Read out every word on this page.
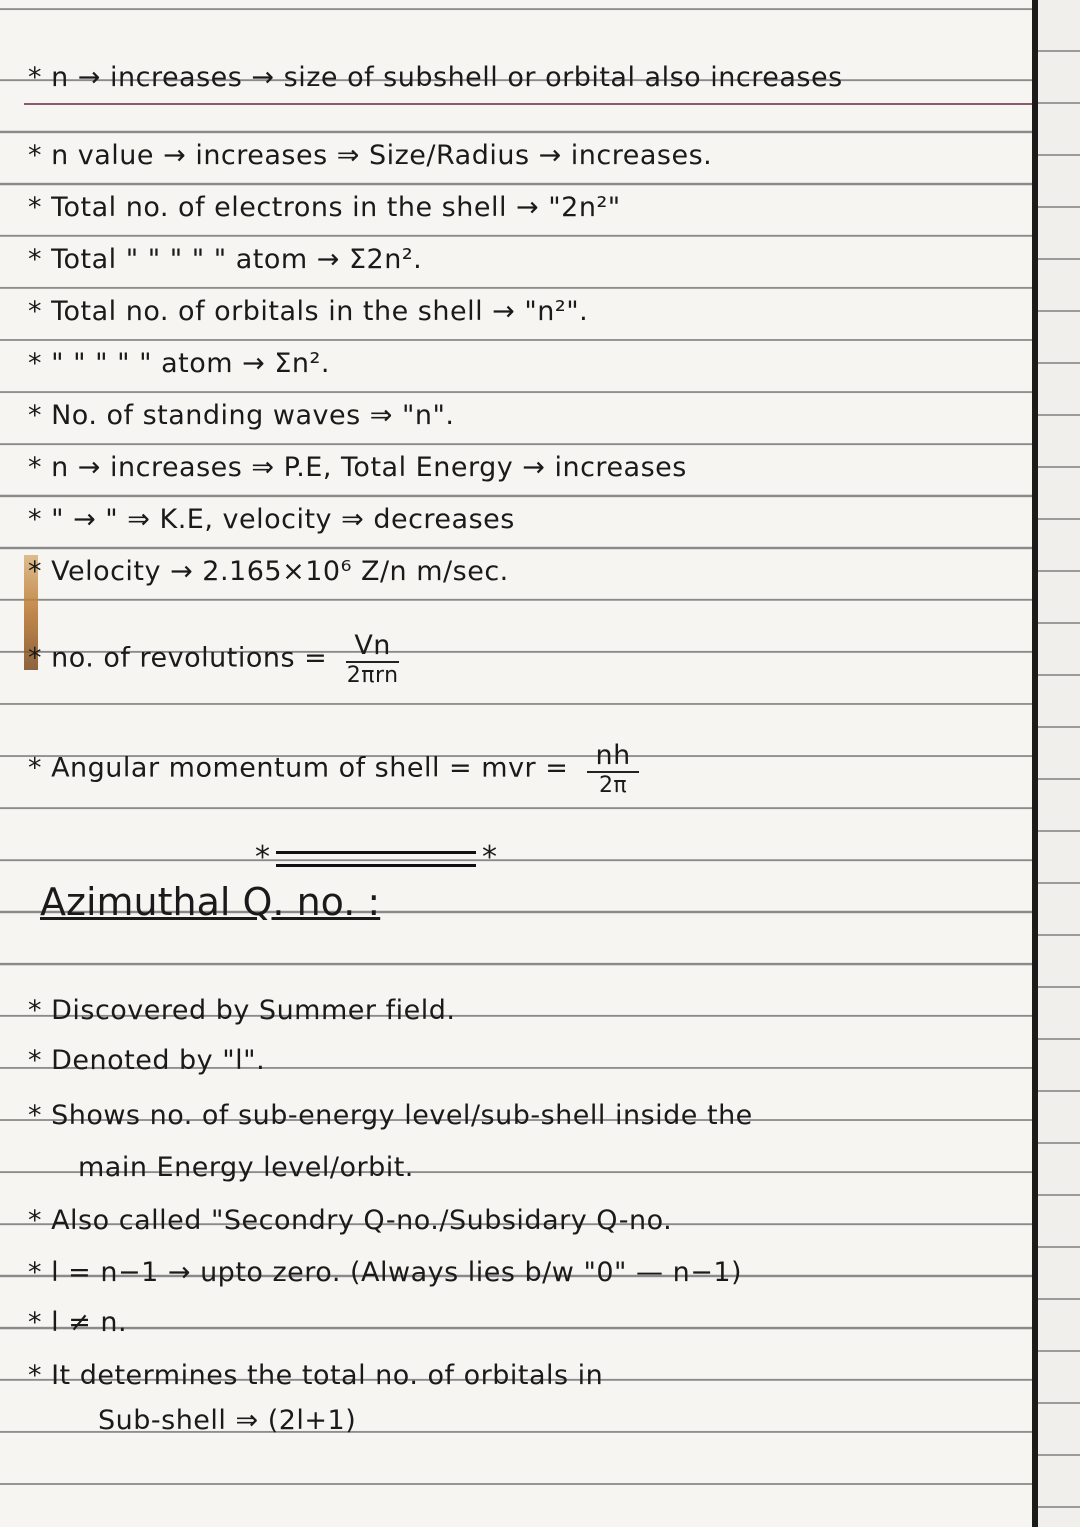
* n → increases → size of subshell or orbital also increases
* n value → increases ⇒ Size/Radius → increases.
* Total no. of electrons in the shell → "2n²"
* Total " " " " " atom → Σ2n².
* Total no. of orbitals in the shell → "n²".
* " " " " " atom → Σn².
* No. of standing waves ⇒ "n".
* n → increases ⇒ P.E, Total Energy → increases
* " → " ⇒ K.E, velocity ⇒ decreases
* Velocity → 2.165×10⁶ Z/n m/sec.
* no. of revolutions = $\frac{Vn}{\text{2πrn}}$
* Angular momentum of shell = mvr = $\frac{nh}{2\pi}$
*	*
Azimuthal Q. no. :
* Discovered by Summer field.
* Denoted by "l".
* Shows no. of sub-energy level/sub-shell inside the
main Energy level/orbit.
* Also called "Secondry Q-no./Subsidary Q-no.
* l = n−1 → upto zero. (Always lies b/w "0" — n−1)
* l ≠ n.
* It determines the total no. of orbitals in
Sub-shell ⇒ (2l+1)
